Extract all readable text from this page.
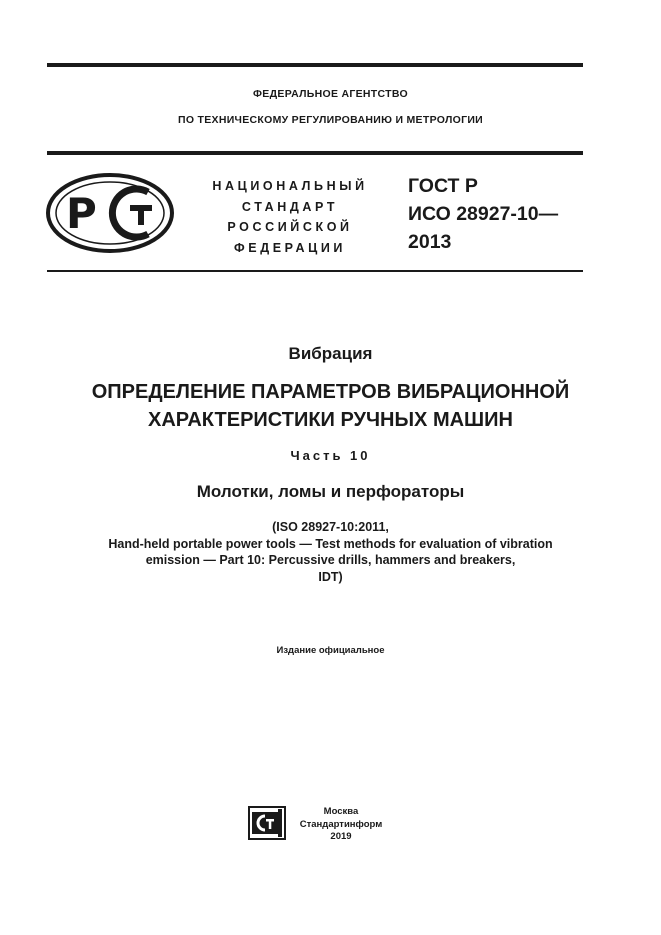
ФЕДЕРАЛЬНОЕ АГЕНТСТВО
ПО ТЕХНИЧЕСКОМУ РЕГУЛИРОВАНИЮ И МЕТРОЛОГИИ
Р
НАЦИОНАЛЬНЫЙ
СТАНДАРТ
РОССИЙСКОЙ
ФЕДЕРАЦИИ
ГОСТ Р
ИСО 28927-10—
2013
Вибрация
ОПРЕДЕЛЕНИЕ ПАРАМЕТРОВ ВИБРАЦИОННОЙ
ХАРАКТЕРИСТИКИ РУЧНЫХ МАШИН
Часть 10
Молотки, ломы и перфораторы
(ISO 28927-10:2011,
Hand-held portable power tools — Test methods for evaluation of vibration
emission — Part 10: Percussive drills, hammers and breakers,
IDT)
Издание официальное
Москва
Стандартинформ
2019
